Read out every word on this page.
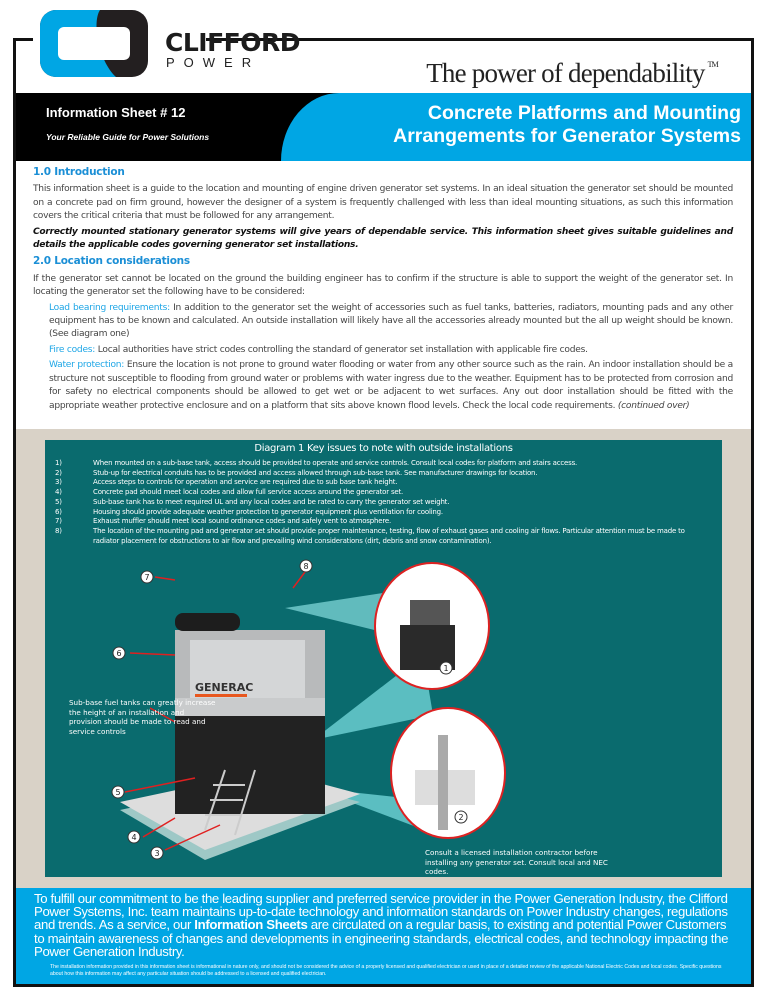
CLIFFORD
POWER	The power of dependability ™
Information Sheet # 12
Your Reliable Guide for Power Solutions
Concrete Platforms and Mounting
Arrangements for Generator Systems
1.0 Introduction

This information sheet is a guide to the location and mounting of engine driven generator set systems. In an ideal situation the generator set should be mounted on a concrete pad on firm ground, however the designer of a system is frequently challenged with less than ideal mounting situations, as such this information covers the critical criteria that must be followed for any arrangement.

Correctly mounted stationary generator systems will give years of dependable service. This information sheet gives suitable guidelines and details the applicable codes governing generator set installations.

2.0 Location considerations

If the generator set cannot be located on the ground the building engineer has to confirm if the structure is able to support the weight of the generator set. In locating the generator set the following have to be considered:

Load bearing requirements: In addition to the generator set the weight of accessories such as fuel tanks, batteries, radiators, mounting pads and any other equipment has to be known and calculated. An outside installation will likely have all the accessories already mounted but the all up weight should be known. (See diagram one)

Fire codes: Local authorities have strict codes controlling the standard of generator set installation with applicable fire codes.

Water protection: Ensure the location is not prone to ground water flooding or water from any other source such as the rain. An indoor installation should be a structure not susceptible to flooding from ground water or problems with water ingress due to the weather. Equipment has to be protected from corrosion and for safety no electrical components should be allowed to get wet or be adjacent to wet surfaces. Any out door installation should be fitted with the appropriate weather protective enclosure and on a platform that sits above known flood levels. Check the local code requirements. (continued over)

Diagram 1 Key issues to note with outside installations
1)	When mounted on a sub-base tank, access should be provided to operate and service controls. Consult local codes for platform and stairs access.
2)	Stub-up for electrical conduits has to be provided and access allowed through sub-base tank. See manufacturer drawings for location.
3)	Access steps to controls for operation and service are required due to sub base tank height.
4)	Concrete pad should meet local codes and allow full service access around the generator set.
5)	Sub-base tank has to meet required UL and any local codes and be rated to carry the generator set weight.
6)	Housing should provide adequate weather protection to generator equipment plus ventilation for cooling.
7)	Exhaust muffler should meet local sound ordinance codes and safely vent to atmosphere.
8)	The location of the mounting pad and generator set should provide proper maintenance, testing, flow of exhaust gases and cooling air flows. Particular attention must be made to radiator placement for obstructions to air flow and prevailing wind considerations (dirt, debris and snow contamination).
GENERAC
1
2
3
4
5
6
7
8
Sub-base fuel tanks can greatly increase the height of an installation and provision should be made to read and service controls
Consult a licensed installation contractor before installing any generator set. Consult local and NEC codes.
To fulfill our commitment to be the leading supplier and preferred service provider in the Power Generation Industry, the Clifford Power Systems, Inc. team maintains up-to-date technology and information standards on Power Industry changes, regulations and trends. As a service, our Information Sheets are circulated on a regular basis, to existing and potential Power Customers to maintain awareness of changes and developments in engineering standards, electrical codes, and technology impacting the Power Generation Industry.
The installation information provided in this information sheet is informational in nature only, and should not be considered the advice of a properly licensed and qualified electrician or used in place of a detailed review of the applicable National Electric Codes and local codes. Specific questions about how this information may affect any particular situation should be addressed to a licensed and qualified electrician.
